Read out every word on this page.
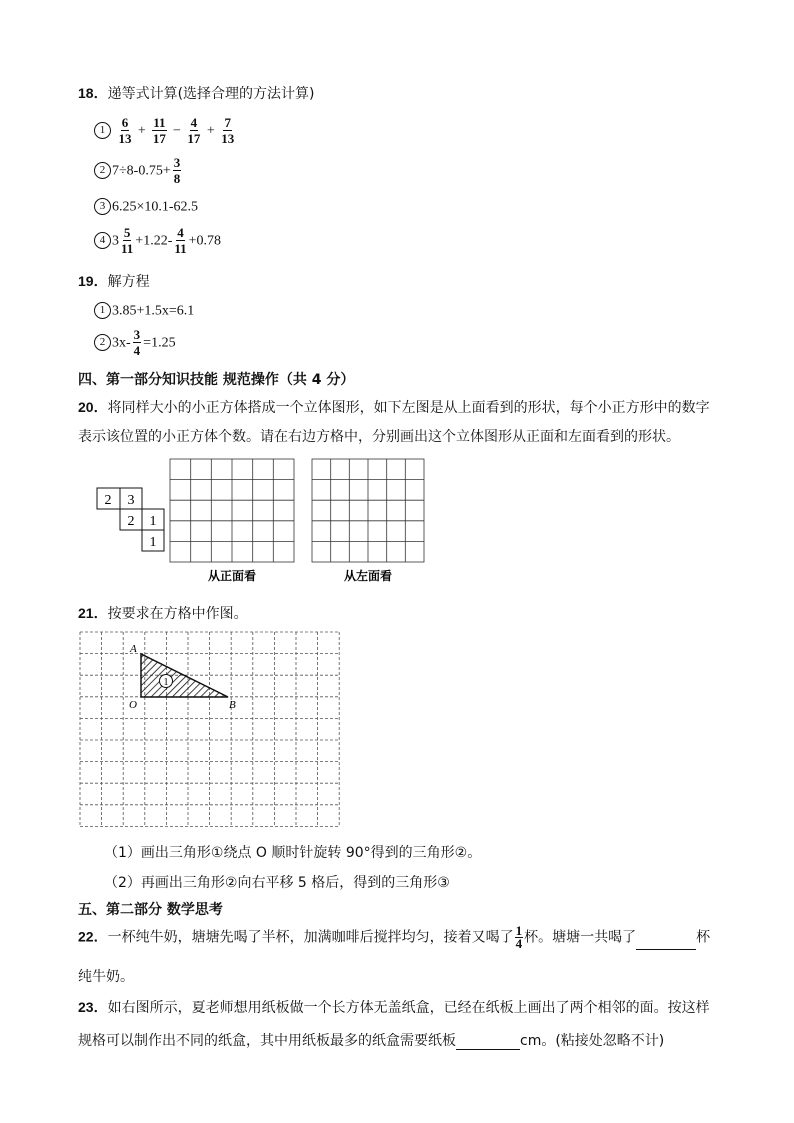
18．递等式计算(选择合理的方法计算)
$1 \frac{6}{13} + \frac{11}{17} - \frac{4}{17} + \frac{7}{13}$
2 $7\div 8-0.75+ \frac{3}{8}$
3 6.25×10.1-62.5
4 $3 \frac{5}{11} +1.22- \frac{4}{11} +0.78$
19．解方程
1 3.85+1.5x=6.1
2 $3x- \frac{3}{4} =1.25$
四、第一部分知识技能 规范操作（共 4 分）
20．将同样大小的小正方体搭成一个立体图形，如下左图是从上面看到的形状，每个小正方形中的数字
表示该位置的小正方体个数。请在右边方格中，分别画出这个立体图形从正面和左面看到的形状。
2 3
2 1
1
从正面看	从左面看
21．按要求在方格中作图。
1
A
O	B
（1）画出三角形①绕点 O 顺时针旋转 90°得到的三角形②。
（2）再画出三角形②向右平移 5 格后，得到的三角形③
五、第二部分 数学思考
22．一杯纯牛奶，塘塘先喝了半杯，加满咖啡后搅拌均匀，接着又喝了 $\frac{1}{4}$ 杯。塘塘一共喝了	杯
纯牛奶。
23．如右图所示，夏老师想用纸板做一个长方体无盖纸盒，已经在纸板上画出了两个相邻的面。按这样
规格可以制作出不同的纸盒，其中用纸板最多的纸盒需要纸板	cm。(粘接处忽略不计)
